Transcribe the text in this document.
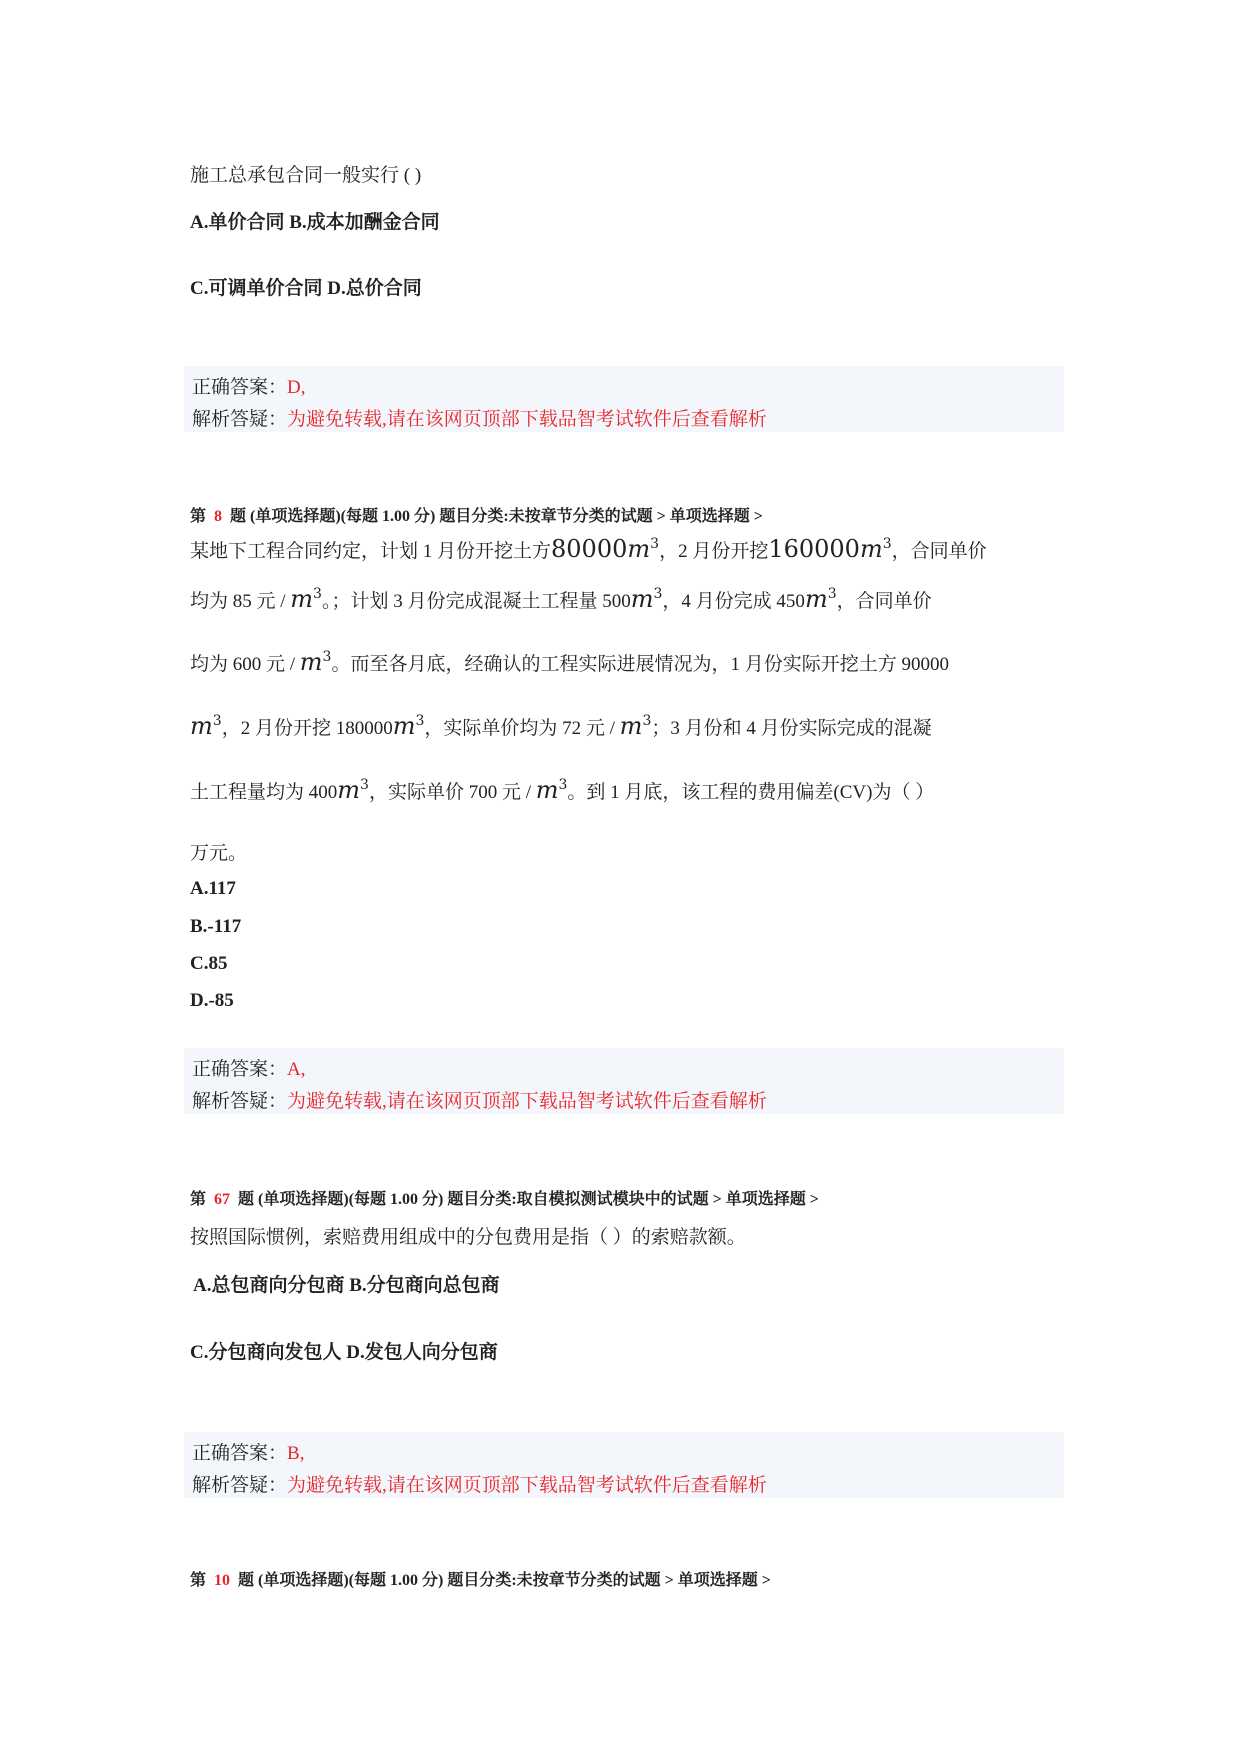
施工总承包合同一般实行 ( )
A.单价合同 B.成本加酬金合同
C.可调单价合同 D.总价合同
正确答案：D,
解析答疑：为避免转载,请在该网页顶部下载品智考试软件后查看解析
第 8 题 (单项选择题)(每题 1.00 分) 题目分类:未按章节分类的试题 > 单项选择题 >
某地下工程合同约定，计划 1 月份开挖土方$80000m^3$，2 月份开挖$160000m^3$，合同单价
均为 85 元 / $m^3$。；计划 3 月份完成混凝土工程量 $500m^3$，4 月份完成 $450m^3$，合同单价
均为 600 元 / $m^3$。而至各月底，经确认的工程实际进展情况为，1 月份实际开挖土方 90000
$m^3$，2 月份开挖 $180000m^3$，实际单价均为 72 元 / $m^3$；3 月份和 4 月份实际完成的混凝
土工程量均为 $400m^3$，实际单价 700 元 / $m^3$。到 1 月底，该工程的费用偏差(CV)为（ ）
万元。
A.117
B.-117
C.85
D.-85
正确答案：A,
解析答疑：为避免转载,请在该网页顶部下载品智考试软件后查看解析
第 67 题 (单项选择题)(每题 1.00 分) 题目分类:取自模拟测试模块中的试题 > 单项选择题 >
按照国际惯例，索赔费用组成中的分包费用是指（ ）的索赔款额。
A.总包商向分包商 B.分包商向总包商
C.分包商向发包人 D.发包人向分包商
正确答案：B,
解析答疑：为避免转载,请在该网页顶部下载品智考试软件后查看解析
第 10 题 (单项选择题)(每题 1.00 分) 题目分类:未按章节分类的试题 > 单项选择题 >
